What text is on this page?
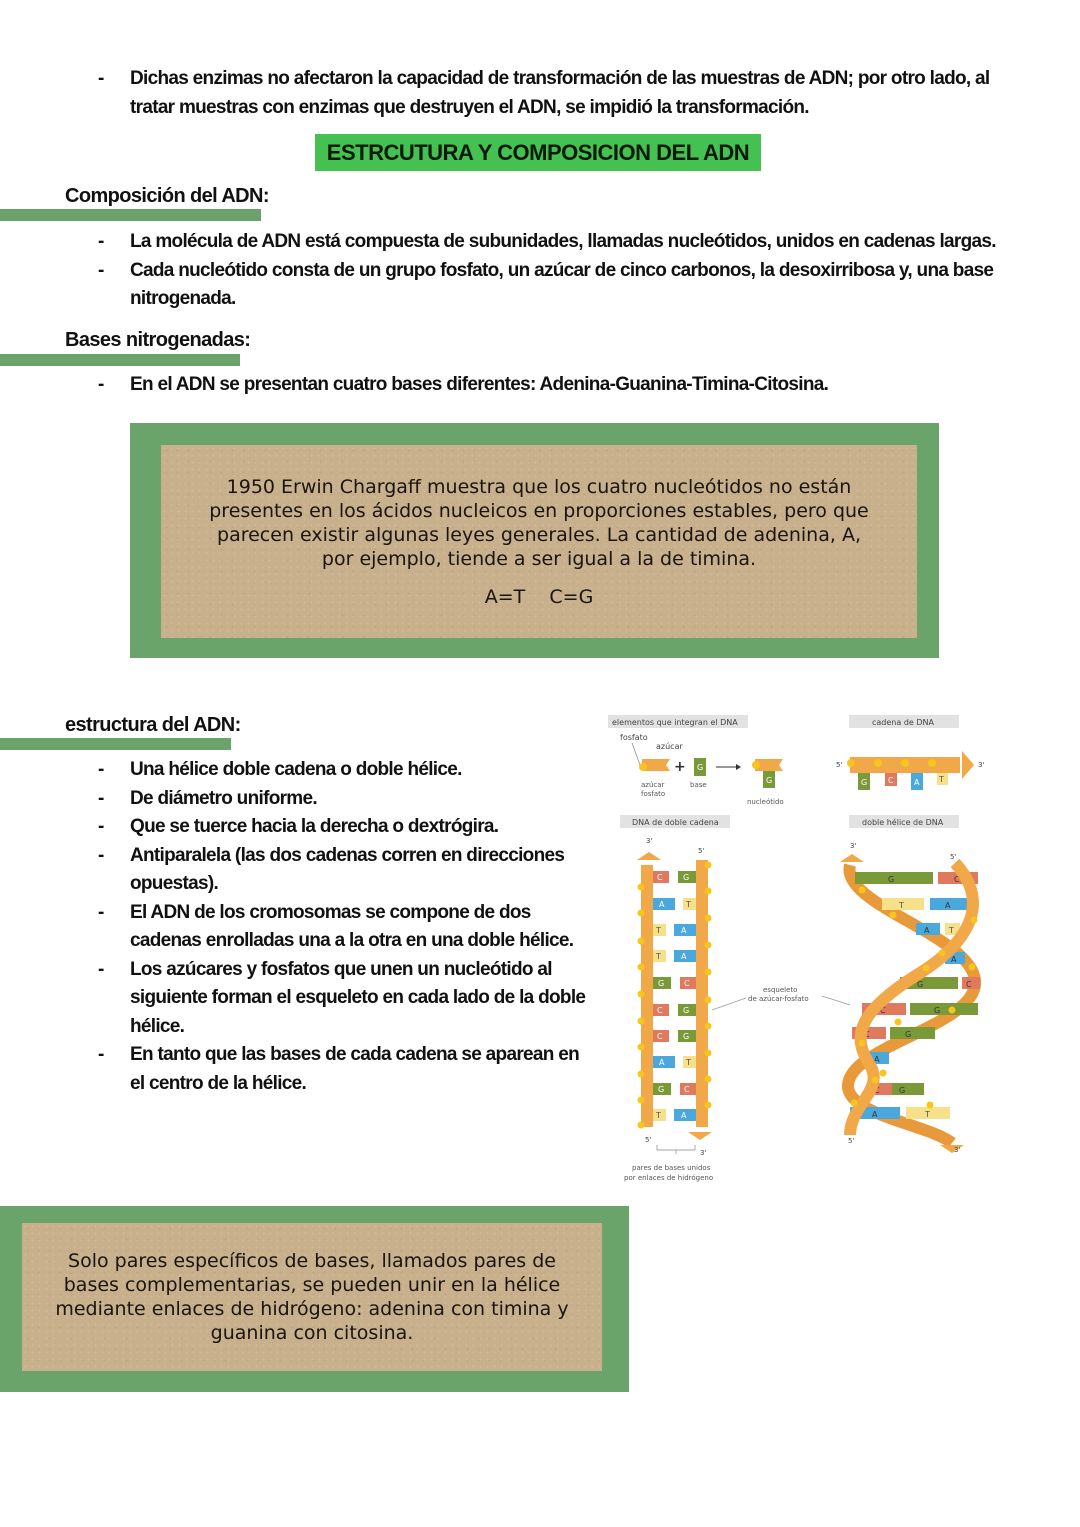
- Dichas enzimas no afectaron la capacidad de transformación de las muestras de ADN; por otro lado, al tratar muestras con enzimas que destruyen el ADN, se impidió la transformación.
ESTRCUTURA Y COMPOSICION DEL ADN
Composición del ADN:
- La molécula de ADN está compuesta de subunidades, llamadas nucleótidos, unidos en cadenas largas.
- Cada nucleótido consta de un grupo fosfato, un azúcar de cinco carbonos, la desoxirribosa y, una base nitrogenada.
Bases nitrogenadas:
- En el ADN se presentan cuatro bases diferentes: Adenina-Guanina-Timina-Citosina.

1950 Erwin Chargaff muestra que los cuatro nucleótidos no están presentes en los ácidos nucleicos en proporciones estables, pero que parecen existir algunas leyes generales. La cantidad de adenina, A, por ejemplo, tiende a ser igual a la de timina.

A=T    C=G

estructura del ADN:
- Una hélice doble cadena o doble hélice.
- De diámetro uniforme.
- Que se tuerce hacia la derecha o dextrógira.
- Antiparalela (las dos cadenas corren en direcciones opuestas).
- El ADN de los cromosomas se compone de dos cadenas enrolladas una a la otra en una doble hélice.
- Los azúcares y fosfatos que unen un nucleótido al siguiente forman el esqueleto en cada lado de la doble hélice.
- En tanto que las bases de cada cadena se aparean en el centro de la hélice.
elementos que integran el DNA
fosfato
azúcar
+ G
azúcar
fosfato
base	G
nucleótido
cadena de DNA
5'	3'
G	C	A T
DNA de doble cadena
3'
5'
C	G
A	T
T	A
T	A
G C
C	G
C	G
A	T
G C
T	A
5'
3'
pares de bases unidos
por enlaces de hidrógeno
esqueleto
de azúcar-fosfato
doble hélice de DNA
3'
5'
G	C
T	A
A T
A
G	C
C	G
C	G
A
C G
A	T
5'
3'

Solo pares específicos de bases, llamados pares de bases complementarias, se pueden unir en la hélice mediante enlaces de hidrógeno: adenina con timina y guanina con citosina.
